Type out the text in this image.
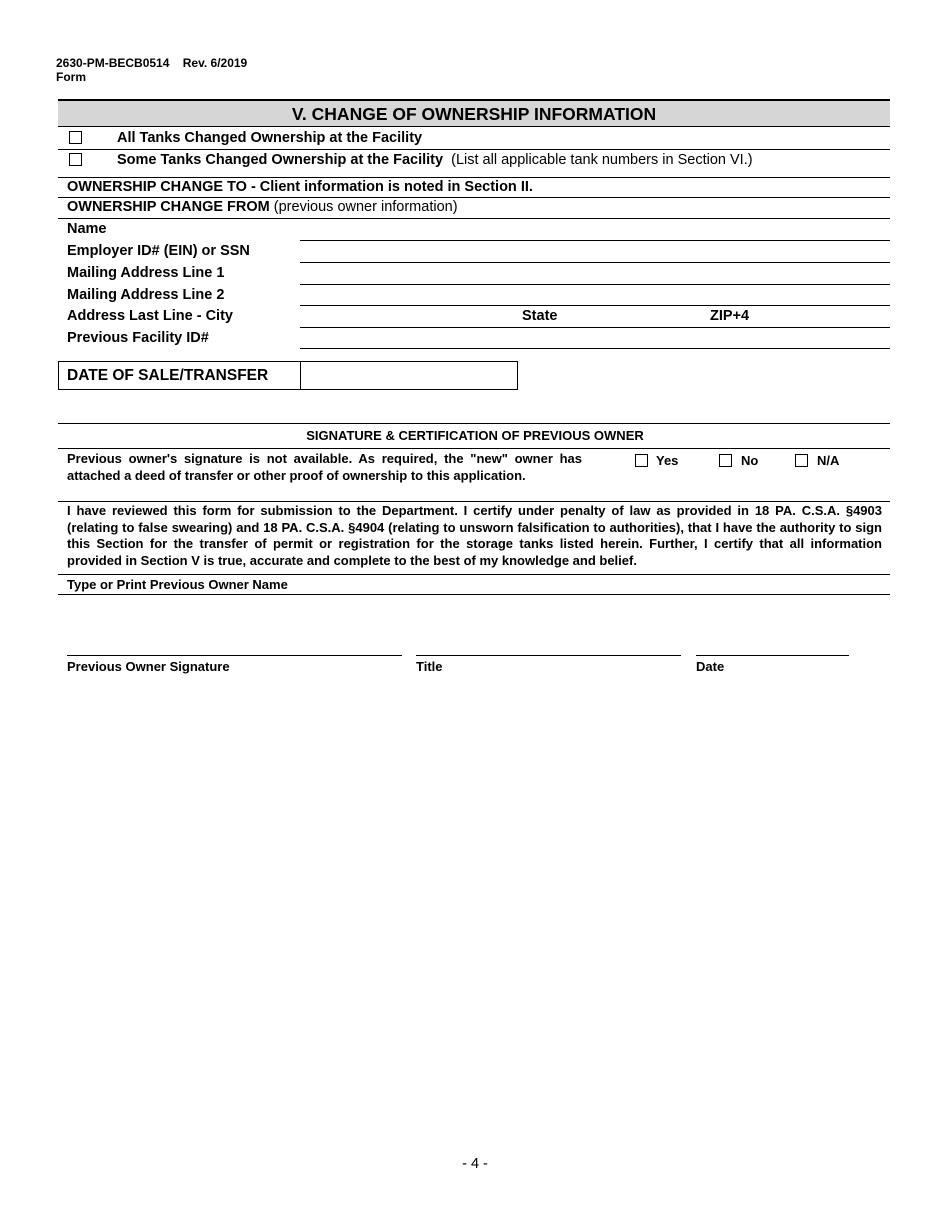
2630-PM-BECB0514 Rev. 6/2019
Form
V. CHANGE OF OWNERSHIP INFORMATION
All Tanks Changed Ownership at the Facility
Some Tanks Changed Ownership at the Facility (List all applicable tank numbers in Section VI.)
OWNERSHIP CHANGE TO - Client information is noted in Section II.
OWNERSHIP CHANGE FROM (previous owner information)
Name
Employer ID# (EIN) or SSN
Mailing Address Line 1
Mailing Address Line 2
Address Last Line - City	State	ZIP+4
Previous Facility ID#
DATE OF SALE/TRANSFER
SIGNATURE & CERTIFICATION OF PREVIOUS OWNER
Previous owner's signature is not available. As required, the "new" owner has attached a deed of transfer or other proof of ownership to this application.
Yes	No	N/A
I have reviewed this form for submission to the Department. I certify under penalty of law as provided in 18 PA. C.S.A. §4903 (relating to false swearing) and 18 PA. C.S.A. §4904 (relating to unsworn falsification to authorities), that I have the authority to sign this Section for the transfer of permit or registration for the storage tanks listed herein. Further, I certify that all information provided in Section V is true, accurate and complete to the best of my knowledge and belief.
Type or Print Previous Owner Name
Previous Owner Signature	Title	Date
- 4 -
